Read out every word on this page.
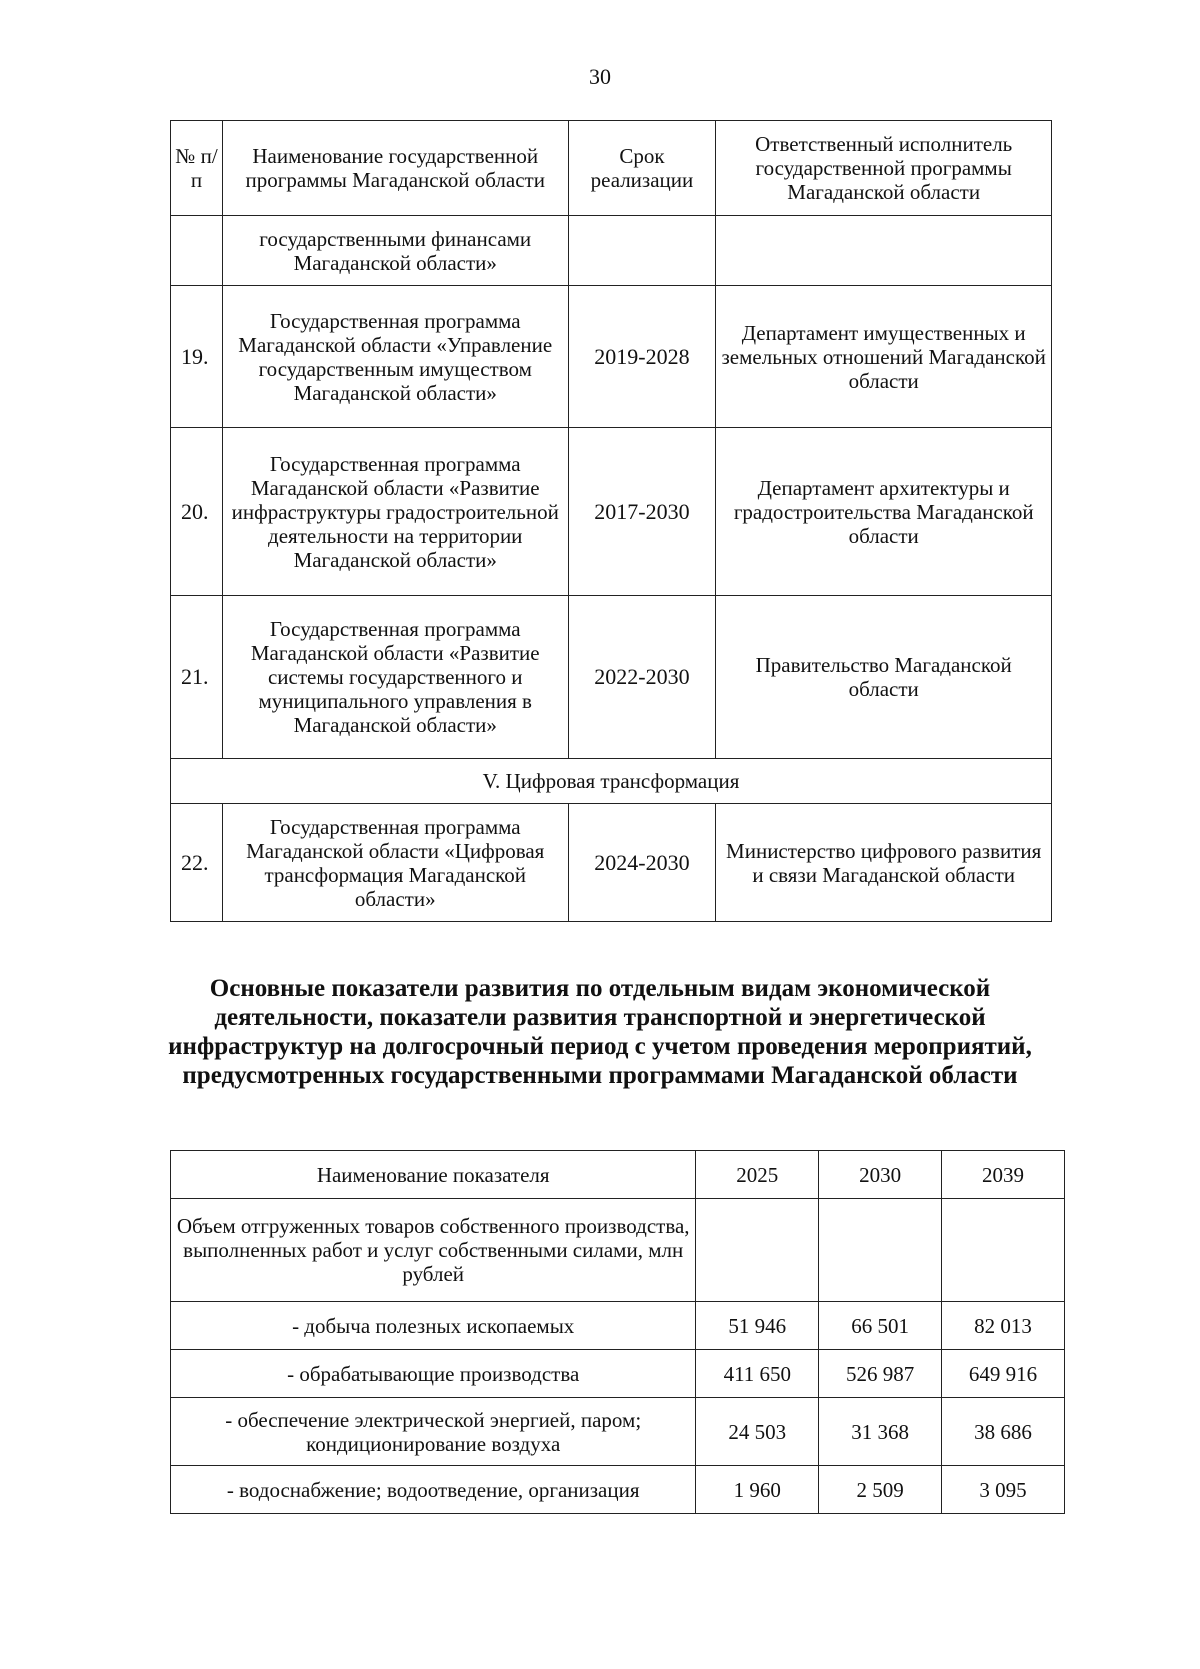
30
№ п/п	Наименование государственной программы Магаданской области	Срок реализации	Ответственный исполнитель государственной программы Магаданской области
	государственными финансами Магаданской области»		
19.	Государственная программа Магаданской области «Управление государственным имуществом Магаданской области»	2019-2028	Департамент имущественных и земельных отношений Магаданской области
20.	Государственная программа Магаданской области «Развитие инфраструктуры градостроительной деятельности на территории Магаданской области»	2017-2030	Департамент архитектуры и градостроительства Магаданской области
21.	Государственная программа Магаданской области «Развитие системы государственного и муниципального управления в Магаданской области»	2022-2030	Правительство Магаданской области
V. Цифровая трансформация			
22.	Государственная программа Магаданской области «Цифровая трансформация Магаданской области»	2024-2030	Министерство цифрового развития и связи Магаданской области
Основные показатели развития по отдельным видам экономической деятельности, показатели развития транспортной и энергетической инфраструктур на долгосрочный период с учетом проведения мероприятий, предусмотренных государственными программами Магаданской области
Наименование показателя	2025	2030	2039
Объем отгруженных товаров собственного производства, выполненных работ и услуг собственными силами, млн рублей			
- добыча полезных ископаемых	51 946	66 501	82 013
- обрабатывающие производства	411 650	526 987	649 916
- обеспечение электрической энергией, паром; кондиционирование воздуха	24 503	31 368	38 686
- водоснабжение; водоотведение, организация	1 960	2 509	3 095
